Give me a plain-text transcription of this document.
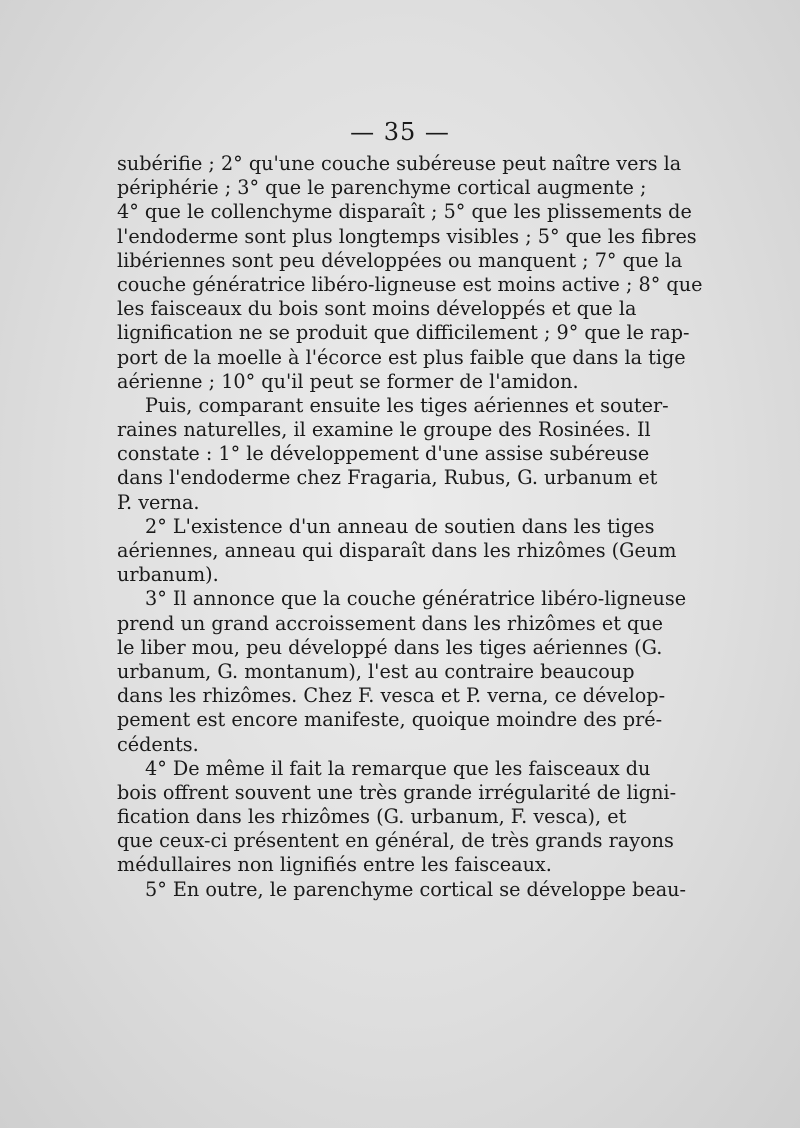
— 35 —
subérifie ; 2° qu'une couche subéreuse peut naître vers la
périphérie ; 3° que le parenchyme cortical augmente ;
4° que le collenchyme disparaît ; 5° que les plissements de
l'endoderme sont plus longtemps visibles ; 5° que les fibres
libériennes sont peu développées ou manquent ; 7° que la
couche génératrice libéro-ligneuse est moins active ; 8° que
les faisceaux du bois sont moins développés et que la
lignification ne se produit que difficilement ; 9° que le rap-
port de la moelle à l'écorce est plus faible que dans la tige
aérienne ; 10° qu'il peut se former de l'amidon.
Puis, comparant ensuite les tiges aériennes et souter-
raines naturelles, il examine le groupe des Rosinées. Il
constate : 1° le développement d'une assise subéreuse
dans l'endoderme chez Fragaria, Rubus, G. urbanum et
P. verna.
2° L'existence d'un anneau de soutien dans les tiges
aériennes, anneau qui disparaît dans les rhizômes (Geum
urbanum).
3° Il annonce que la couche génératrice libéro-ligneuse
prend un grand accroissement dans les rhizômes et que
le liber mou, peu développé dans les tiges aériennes (G.
urbanum, G. montanum), l'est au contraire beaucoup
dans les rhizômes. Chez F. vesca et P. verna, ce dévelop-
pement est encore manifeste, quoique moindre des pré-
cédents.
4° De même il fait la remarque que les faisceaux du
bois offrent souvent une très grande irrégularité de ligni-
fication dans les rhizômes (G. urbanum, F. vesca), et
que ceux-ci présentent en général, de très grands rayons
médullaires non lignifiés entre les faisceaux.
5° En outre, le parenchyme cortical se développe beau-
